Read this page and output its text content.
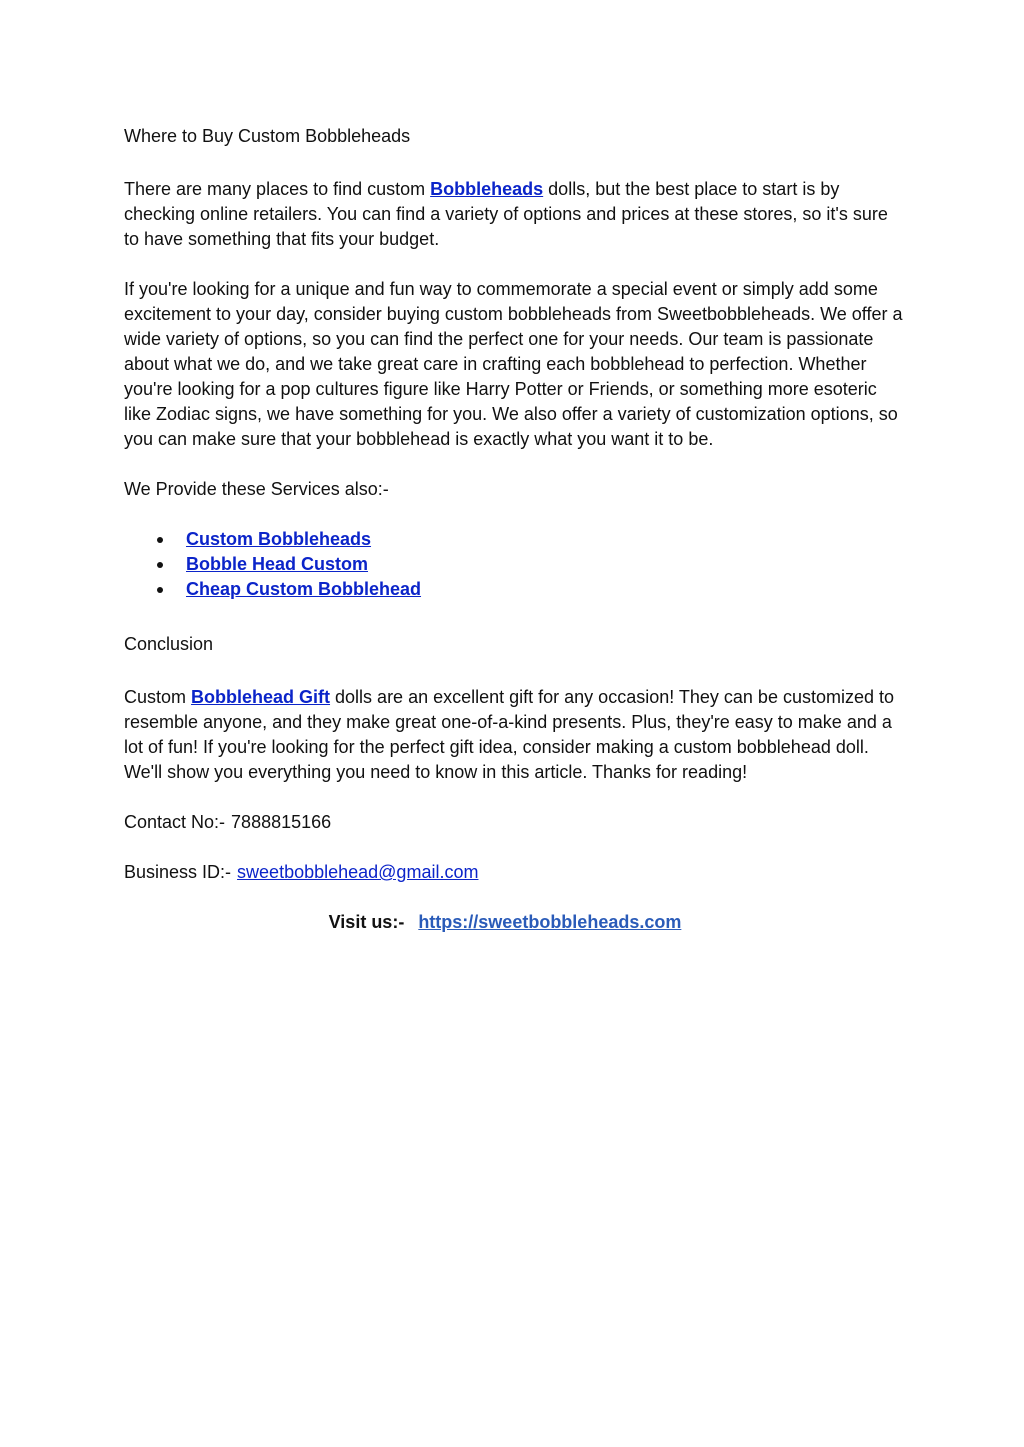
Where to Buy Custom Bobbleheads

There are many places to find custom Bobbleheads dolls, but the best place to start is by checking online retailers. You can find a variety of options and prices at these stores, so it's sure to have something that fits your budget.

If you're looking for a unique and fun way to commemorate a special event or simply add some excitement to your day, consider buying custom bobbleheads from Sweetbobbleheads. We offer a wide variety of options, so you can find the perfect one for your needs. Our team is passionate about what we do, and we take great care in crafting each bobblehead to perfection. Whether you're looking for a pop cultures figure like Harry Potter or Friends, or something more esoteric like Zodiac signs, we have something for you. We also offer a variety of customization options, so you can make sure that your bobblehead is exactly what you want it to be.

We Provide these Services also:-

Custom Bobbleheads
Bobble Head Custom
Cheap Custom Bobblehead

Conclusion

Custom Bobblehead Gift dolls are an excellent gift for any occasion! They can be customized to resemble anyone, and they make great one-of-a-kind presents. Plus, they're easy to make and a lot of fun! If you're looking for the perfect gift idea, consider making a custom bobblehead doll. We'll show you everything you need to know in this article. Thanks for reading!

Contact No:- 7888815166

Business ID:- sweetbobblehead@gmail.com

Visit us:- https://sweetbobbleheads.com
